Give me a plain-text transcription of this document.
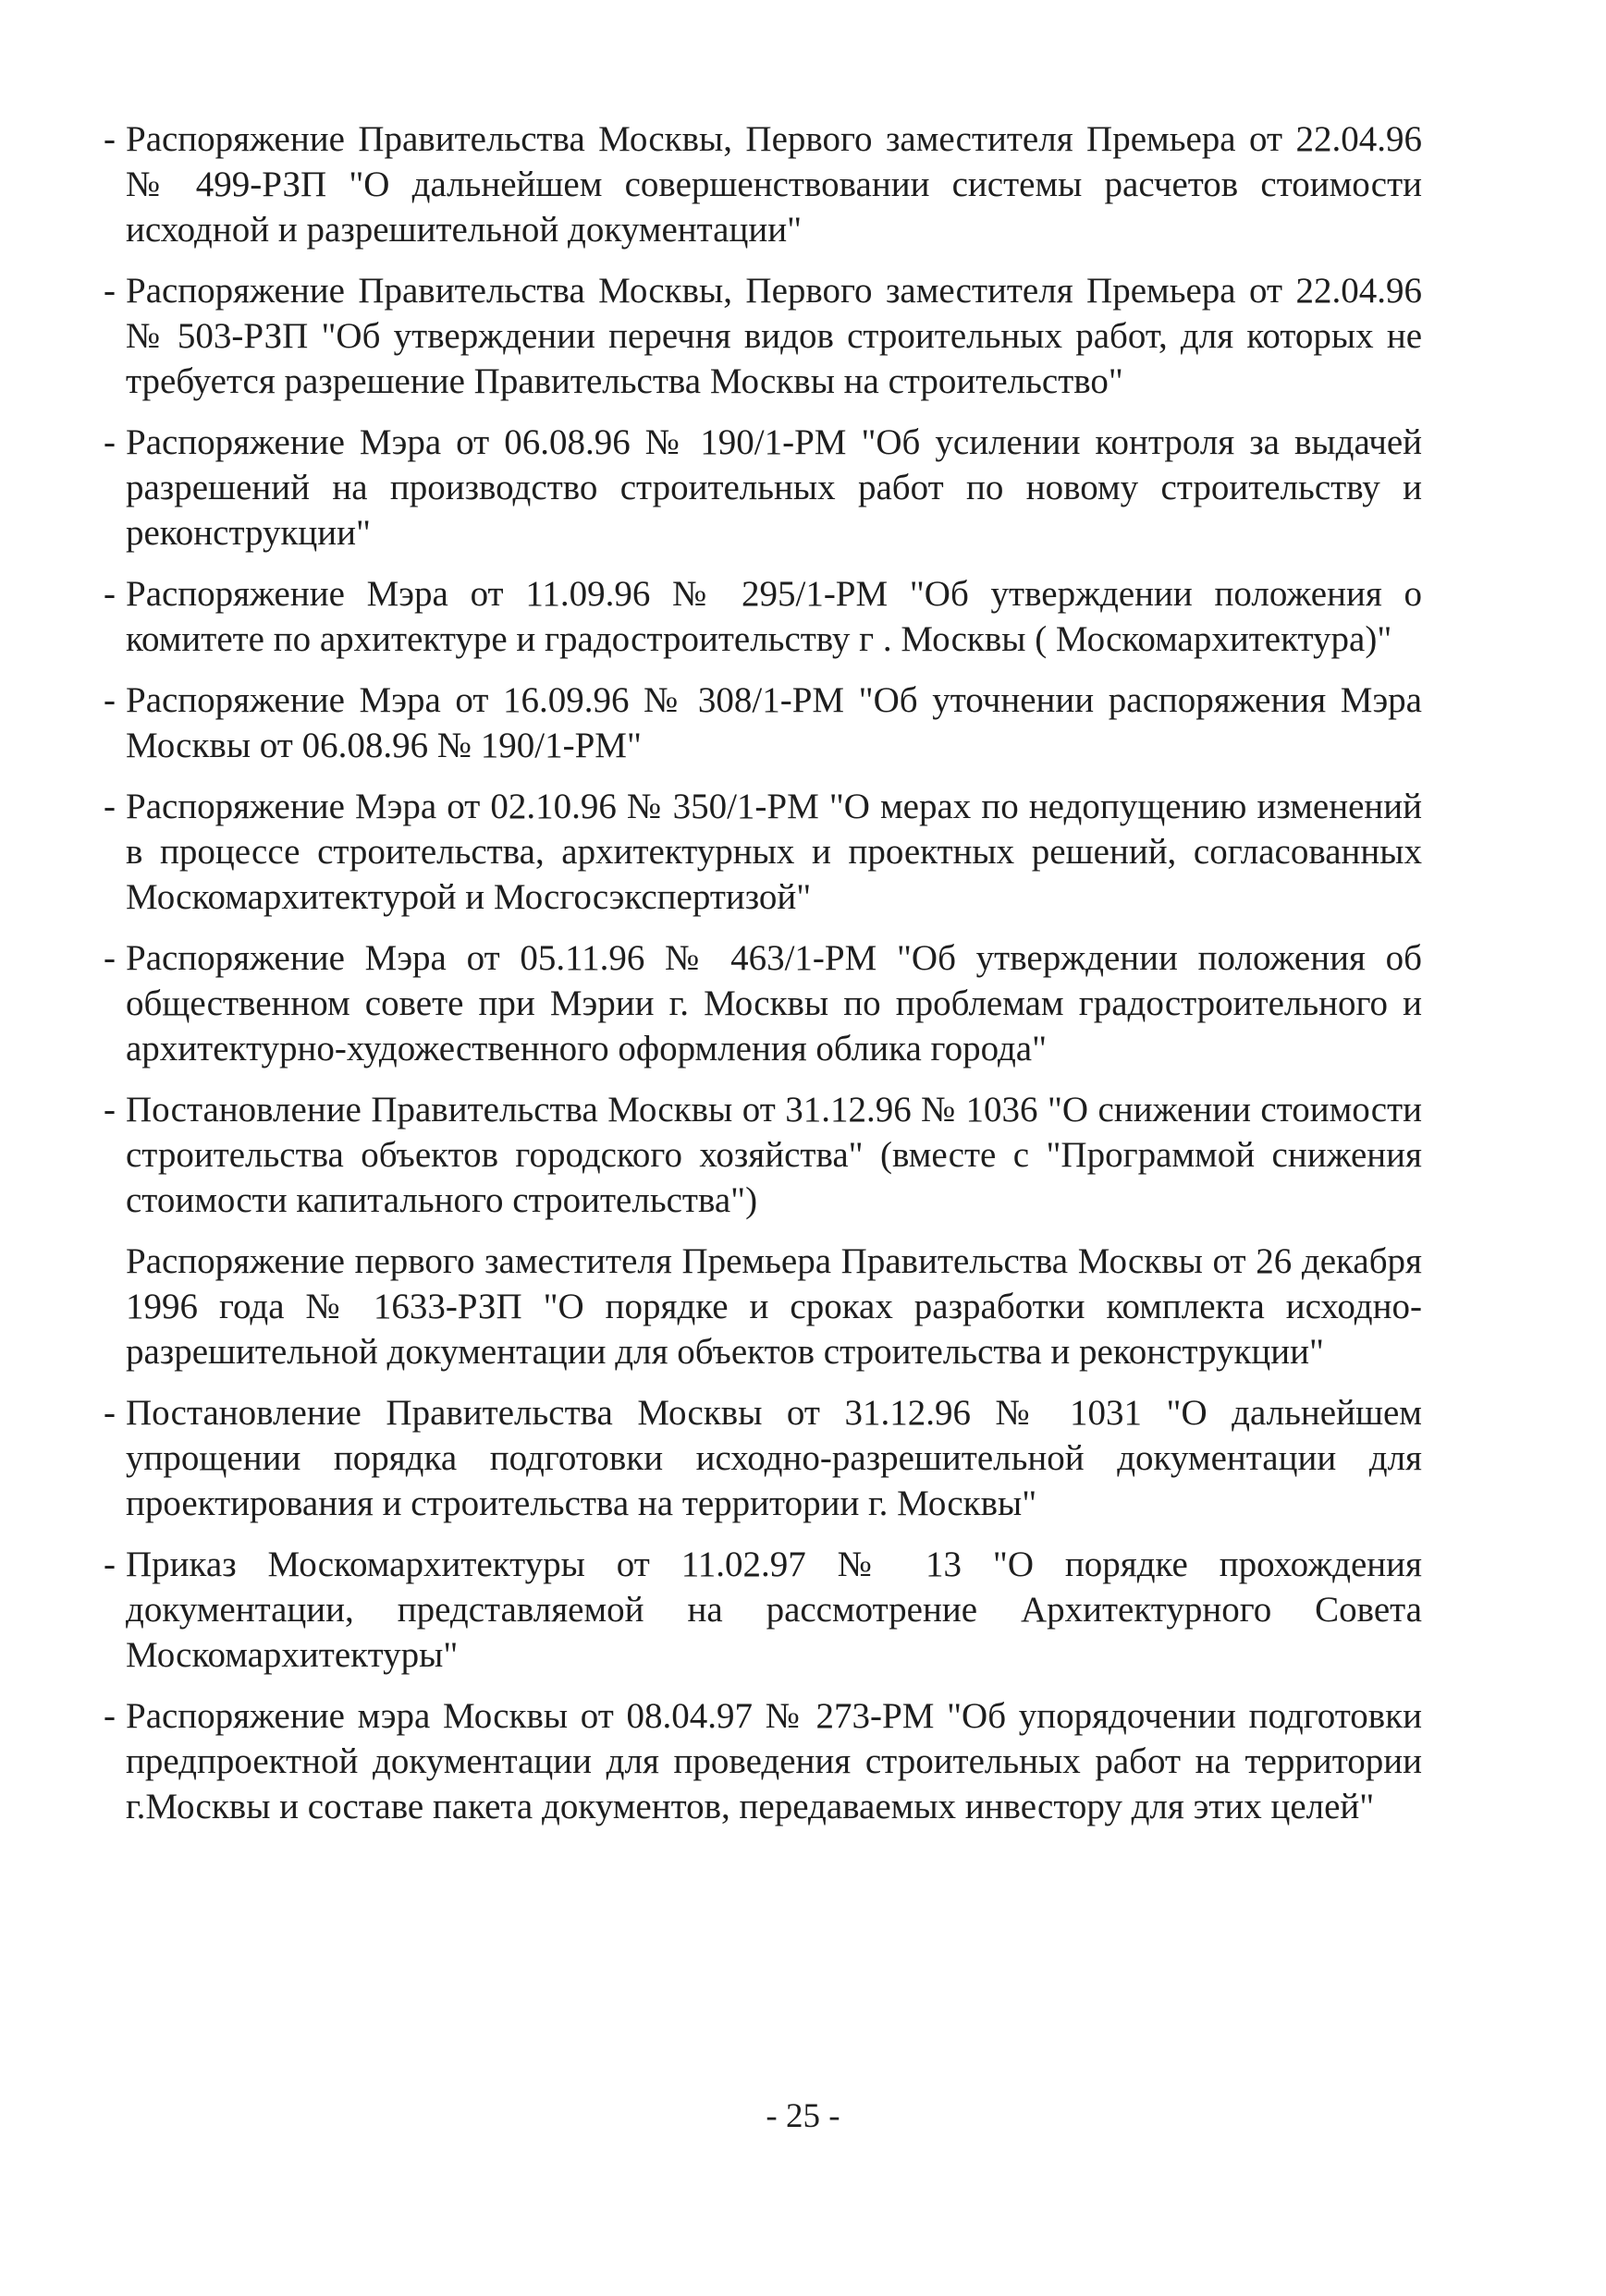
- Распоряжение Правительства Москвы, Первого заместителя Премьера от 22.04.96 № 499-РЗП "О дальнейшем совершенствовании системы расчетов стоимости исходной и разрешительной документации"
- Распоряжение Правительства Москвы, Первого заместителя Премьера от 22.04.96 № 503-РЗП "Об утверждении перечня видов строительных работ, для которых не требуется разрешение Правительства Москвы на строительство"
- Распоряжение Мэра от 06.08.96 № 190/1-РМ "Об усилении контроля за выдачей разрешений на производство строительных работ по новому строительству и реконструкции"
- Распоряжение Мэра от 11.09.96 № 295/1-РМ "Об утверждении положения о комитете по архитектуре и градостроительству г . Москвы ( Москомархитектура)"
- Распоряжение Мэра от 16.09.96 № 308/1-РМ "Об уточнении распоряжения Мэра Москвы от 06.08.96 № 190/1-РМ"
- Распоряжение Мэра от 02.10.96 № 350/1-РМ "О мерах по недопущению изменений в процессе строительства, архитектурных и проектных решений, согласованных Москомархитектурой и Мосгосэкспертизой"
- Распоряжение Мэра от 05.11.96 № 463/1-РМ "Об утверждении положения об общественном совете при Мэрии г. Москвы по проблемам градостроительного и архитектурно-художественного оформления облика города"
- Постановление Правительства Москвы от 31.12.96 № 1036 "О снижении стоимости строительства объектов городского хозяйства" (вместе с "Программой снижения стоимости капитального строительства")
Распоряжение первого заместителя Премьера Правительства Москвы от 26 декабря 1996 года № 1633-РЗП "О порядке и сроках разработки комплекта исходно-разрешительной документации для объектов строительства и реконструкции"
- Постановление Правительства Москвы от 31.12.96 № 1031 "О дальнейшем упрощении порядка подготовки исходно-разрешительной документации для проектирования и строительства на территории г. Москвы"
- Приказ Москомархитектуры от 11.02.97 № 13 "О порядке прохождения документации, представляемой на рассмотрение Архитектурного Совета Москомархитектуры"
- Распоряжение мэра Москвы от 08.04.97 № 273-РМ "Об упорядочении подготовки предпроектной документации для проведения строительных работ на территории г.Москвы и составе пакета документов, передаваемых инвестору для этих целей"
- 25 -
